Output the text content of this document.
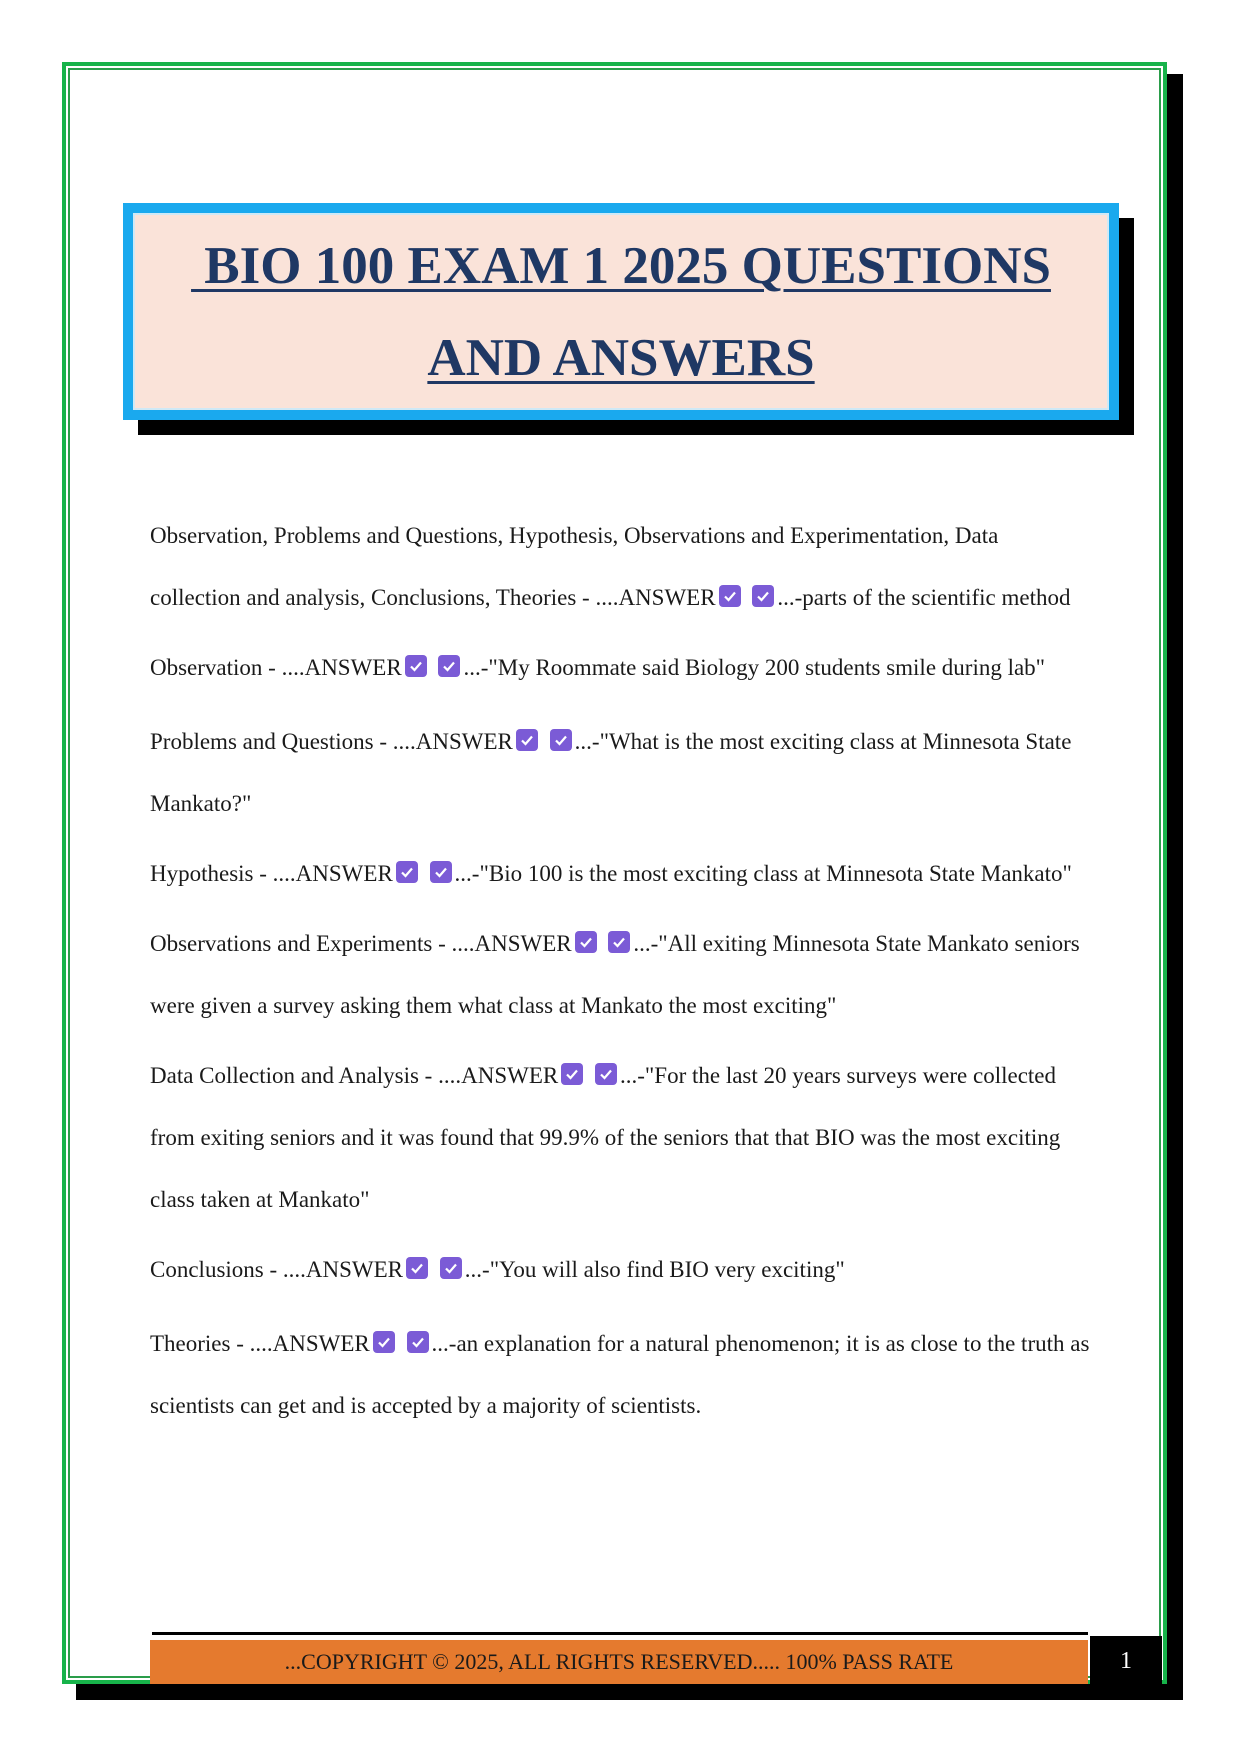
BIO 100 EXAM 1 2025 QUESTIONS
AND ANSWERS

Observation, Problems and Questions, Hypothesis, Observations and Experimentation, Data collection and analysis, Conclusions, Theories - ....ANSWER
	...-parts of the scientific method

Observation - ....ANSWER
	...-"My Roommate said Biology 200 students smile during lab"

Problems and Questions - ....ANSWER
	...-"What is the most exciting class at Minnesota State Mankato?"

Hypothesis - ....ANSWER
	...-"Bio 100 is the most exciting class at Minnesota State Mankato"

Observations and Experiments - ....ANSWER
	...-"All exiting Minnesota State Mankato seniors were given a survey asking them what class at Mankato the most exciting"

Data Collection and Analysis - ....ANSWER
	...-"For the last 20 years surveys were collected from exiting seniors and it was found that 99.9% of the seniors that that BIO was the most exciting class taken at Mankato"

Conclusions - ....ANSWER
	...-"You will also find BIO very exciting"

Theories - ....ANSWER
	...-an explanation for a natural phenomenon; it is as close to the truth as scientists can get and is accepted by a majority of scientists.

...COPYRIGHT © 2025, ALL RIGHTS RESERVED..... 100% PASS RATE	1
